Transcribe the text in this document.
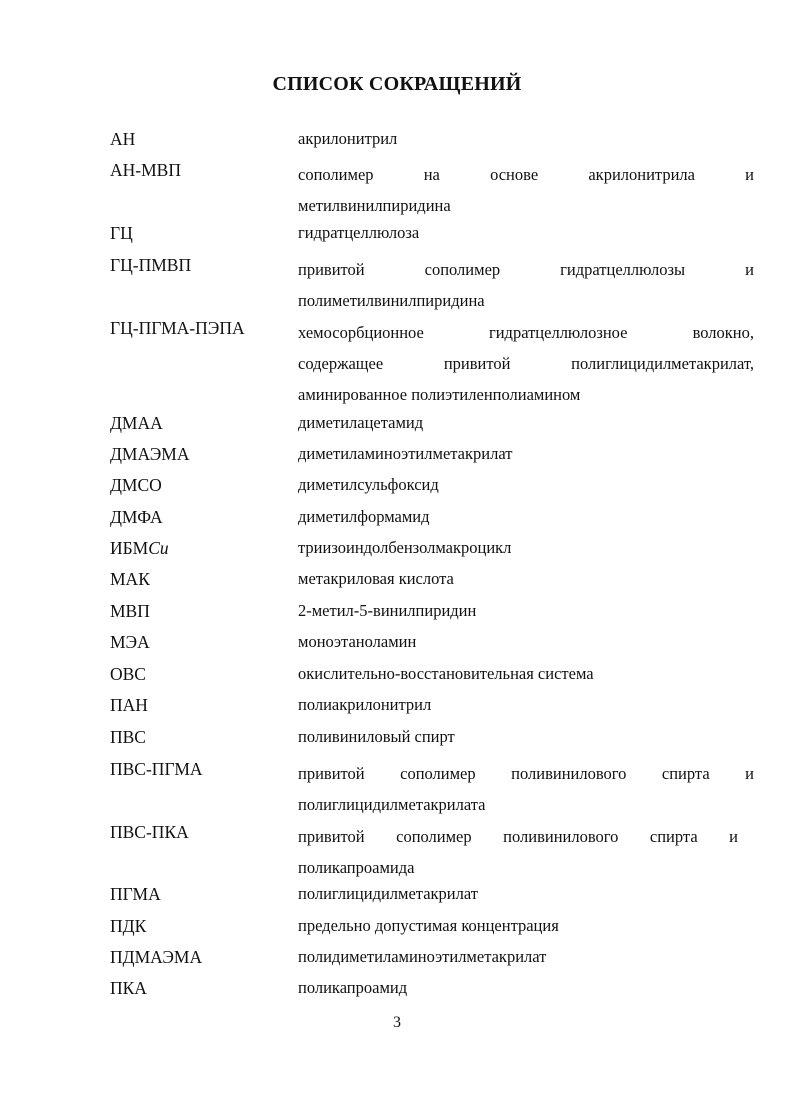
СПИСОК СОКРАЩЕНИЙ
АН	акрилонитрил
АН-МВП	сополимер на основе акрилонитрила и
метилвинилпиридина
ГЦ	гидратцеллюлоза
ГЦ-ПМВП	привитой сополимер гидратцеллюлозы и
полиметилвинилпиридина
ГЦ-ПГМА-ПЭПА	хемосорбционное гидратцеллюлозное волокно,
содержащее привитой полиглицидилметакрилат,
аминированное полиэтиленполиамином
ДМАА	диметилацетамид
ДМАЭМА	диметиламиноэтилметакрилат
ДМСО	диметилсульфоксид
ДМФА	диметилформамид
ИБМCu	триизоиндолбензолмакроцикл
МАК	метакриловая кислота
МВП	2-метил-5-винилпиридин
МЭА	моноэтаноламин
ОВС	окислительно-восстановительная система
ПАН	полиакрилонитрил
ПВС	поливиниловый спирт
ПВС-ПГМА	привитой сополимер поливинилового спирта и
полиглицидилметакрилата
ПВС-ПКА	привитой сополимер поливинилового спирта и
поликапроамида
ПГМА	полиглицидилметакрилат
ПДК	предельно допустимая концентрация
ПДМАЭМА	полидиметиламиноэтилметакрилат
ПКА	поликапроамид
3
